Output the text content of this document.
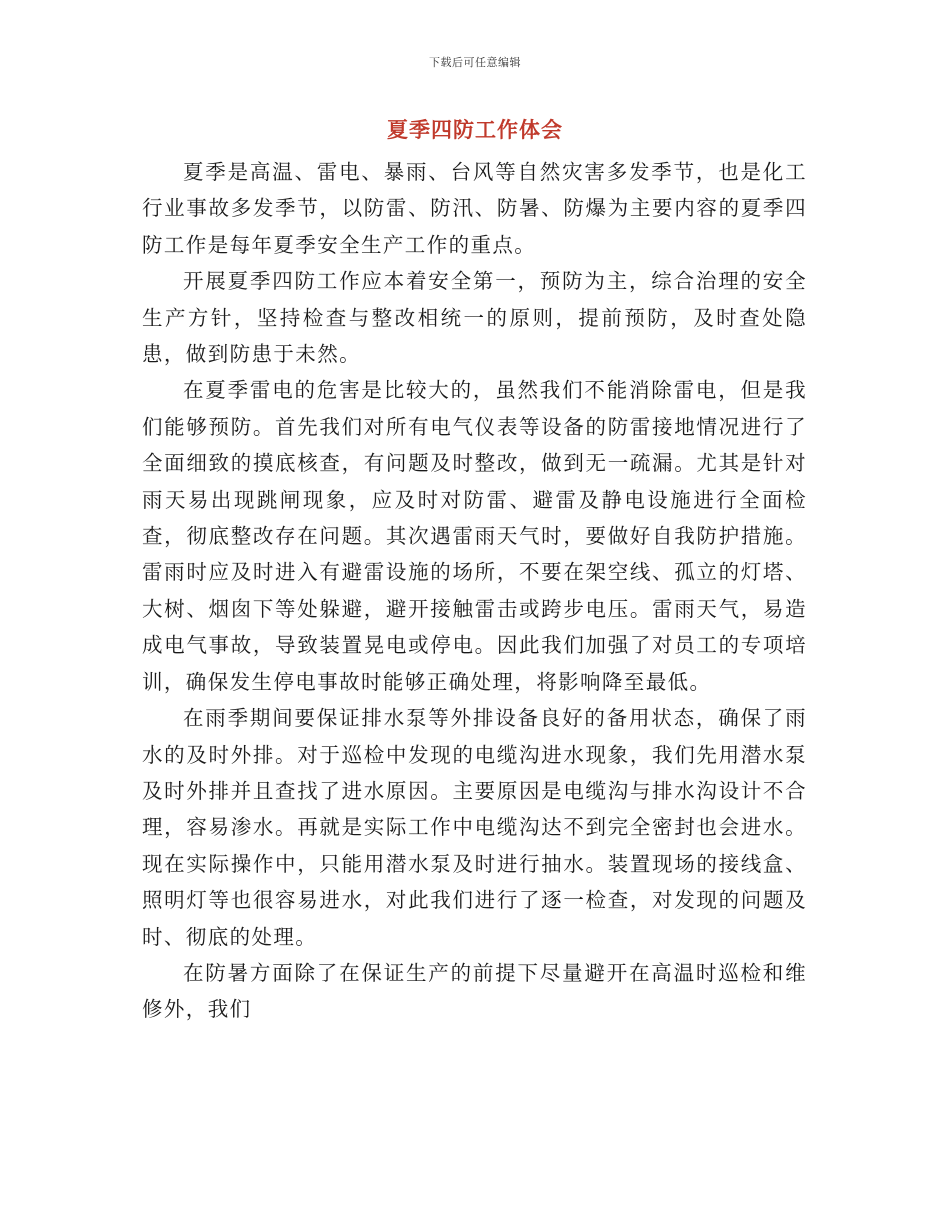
下载后可任意编辑
夏季四防工作体会

夏季是高温、雷电、暴雨、台风等自然灾害多发季节，也是化工行业事故多发季节，以防雷、防汛、防暑、防爆为主要内容的夏季四防工作是每年夏季安全生产工作的重点。

开展夏季四防工作应本着安全第一，预防为主，综合治理的安全生产方针，坚持检查与整改相统一的原则，提前预防，及时查处隐患，做到防患于未然。

在夏季雷电的危害是比较大的，虽然我们不能消除雷电，但是我们能够预防。首先我们对所有电气仪表等设备的防雷接地情况进行了全面细致的摸底核查，有问题及时整改，做到无一疏漏。尤其是针对雨天易出现跳闸现象，应及时对防雷、避雷及静电设施进行全面检查，彻底整改存在问题。其次遇雷雨天气时，要做好自我防护措施。雷雨时应及时进入有避雷设施的场所，不要在架空线、孤立的灯塔、大树、烟囱下等处躲避，避开接触雷击或跨步电压。雷雨天气，易造成电气事故，导致装置晃电或停电。因此我们加强了对员工的专项培训，确保发生停电事故时能够正确处理，将影响降至最低。

在雨季期间要保证排水泵等外排设备良好的备用状态，确保了雨水的及时外排。对于巡检中发现的电缆沟进水现象，我们先用潜水泵及时外排并且查找了进水原因。主要原因是电缆沟与排水沟设计不合理，容易渗水。再就是实际工作中电缆沟达不到完全密封也会进水。现在实际操作中，只能用潜水泵及时进行抽水。装置现场的接线盒、照明灯等也很容易进水，对此我们进行了逐一检查，对发现的问题及时、彻底的处理。

在防暑方面除了在保证生产的前提下尽量避开在高温时巡检和维修外，我们
